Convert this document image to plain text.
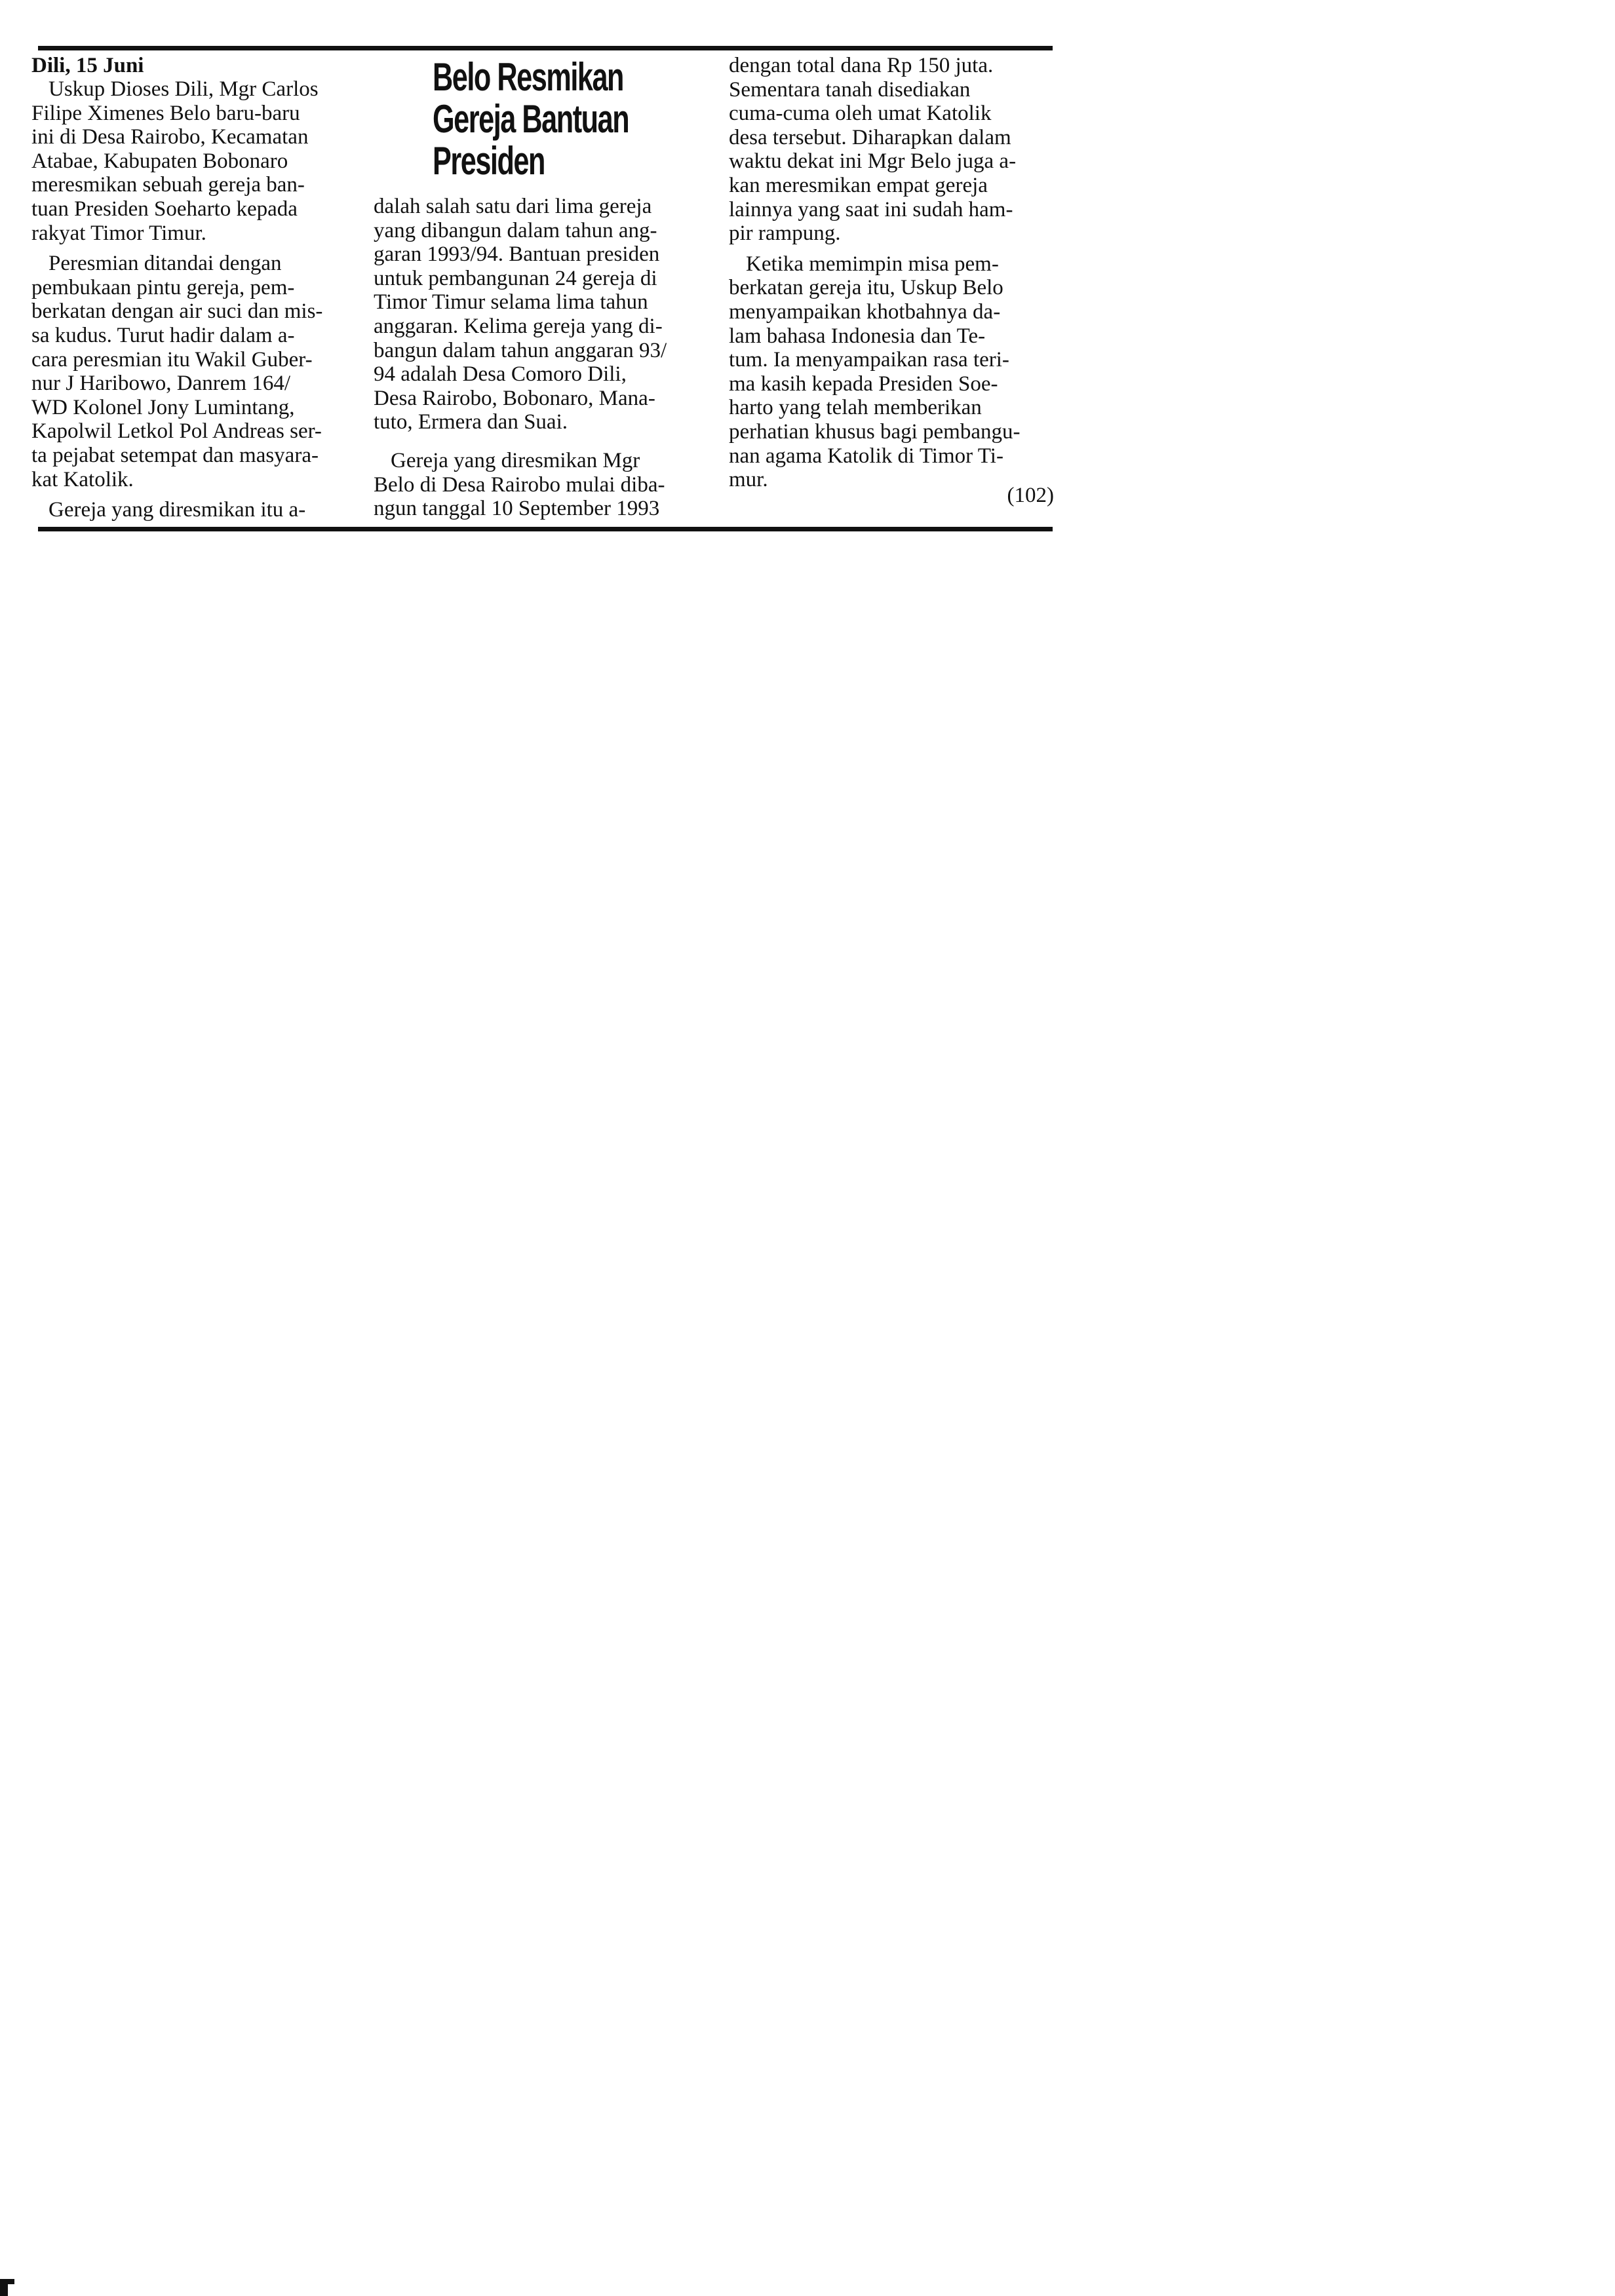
Belo Resmikan
Gereja Bantuan
Presiden
Dili, 15 Juni
Uskup Dioses Dili, Mgr Carlos
Filipe Ximenes Belo baru-baru
ini di Desa Rairobo, Kecamatan
Atabae, Kabupaten Bobonaro
meresmikan sebuah gereja ban-
tuan Presiden Soeharto kepada
rakyat Timor Timur.
Peresmian ditandai dengan
pembukaan pintu gereja, pem-
berkatan dengan air suci dan mis-
sa kudus. Turut hadir dalam a-
cara peresmian itu Wakil Guber-
nur J Haribowo, Danrem 164/
WD Kolonel Jony Lumintang,
Kapolwil Letkol Pol Andreas ser-
ta pejabat setempat dan masyara-
kat Katolik.
Gereja yang diresmikan itu a-
dalah salah satu dari lima gereja
yang dibangun dalam tahun ang-
garan 1993/94. Bantuan presiden
untuk pembangunan 24 gereja di
Timor Timur selama lima tahun
anggaran. Kelima gereja yang di-
bangun dalam tahun anggaran 93/
94 adalah Desa Comoro Dili,
Desa Rairobo, Bobonaro, Mana-
tuto, Ermera dan Suai.
Gereja yang diresmikan Mgr
Belo di Desa Rairobo mulai diba-
ngun tanggal 10 September 1993
dengan total dana Rp 150 juta.
Sementara tanah disediakan
cuma-cuma oleh umat Katolik
desa tersebut. Diharapkan dalam
waktu dekat ini Mgr Belo juga a-
kan meresmikan empat gereja
lainnya yang saat ini sudah ham-
pir rampung.
Ketika memimpin misa pem-
berkatan gereja itu, Uskup Belo
menyampaikan khotbahnya da-
lam bahasa Indonesia dan Te-
tum. Ia menyampaikan rasa teri-
ma kasih kepada Presiden Soe-
harto yang telah memberikan
perhatian khusus bagi pembangu-
nan agama Katolik di Timor Ti-
mur.
(102)
